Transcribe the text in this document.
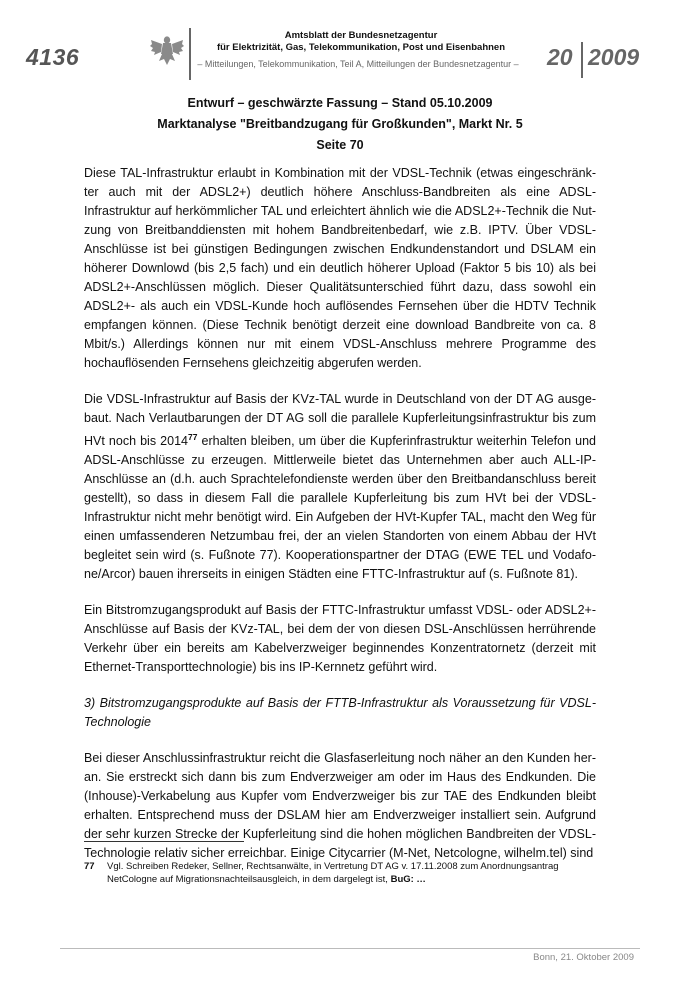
4136
Amtsblatt der Bundesnetzagentur
für Elektrizität, Gas, Telekommunikation, Post und Eisenbahnen
– Mitteilungen, Telekommunikation, Teil A, Mitteilungen der Bundesnetzagentur –	20 2009
Entwurf – geschwärzte Fassung – Stand 05.10.2009
Marktanalyse "Breitbandzugang für Großkunden", Markt Nr. 5
Seite 70

Diese TAL-Infrastruktur erlaubt in Kombination mit der VDSL-Technik (etwas eingeschränkter auch mit der ADSL2+) deutlich höhere Anschluss-Bandbreiten als eine ADSL-Infrastruktur auf herkömmlicher TAL und erleichtert ähnlich wie die ADSL2+-Technik die Nutzung von Breitbanddiensten mit hohem Bandbreitenbedarf, wie z.B. IPTV. Über VDSL-Anschlüsse ist bei günstigen Bedingungen zwischen Endkundenstandort und DSLAM ein höherer Downlowd (bis 2,5 fach) und ein deutlich höherer Upload (Faktor 5 bis 10) als bei ADSL2+-Anschlüssen möglich. Dieser Qualitätsunterschied führt dazu, dass sowohl ein ADSL2+- als auch ein VDSL-Kunde hoch auflösendes Fernsehen über die HDTV Technik empfangen können. (Diese Technik benötigt derzeit eine download Bandbreite von ca. 8 Mbit/s.) Allerdings können nur mit einem VDSL-Anschluss mehrere Programme des hochauflösenden Fernsehens gleichzeitig abgerufen werden.

Die VDSL-Infrastruktur auf Basis der KVz-TAL wurde in Deutschland von der DT AG ausgebaut. Nach Verlautbarungen der DT AG soll die parallele Kupferleitungsinfrastruktur bis zum HVt noch bis 2014$^{77}$ erhalten bleiben, um über die Kupferinfrastruktur weiterhin Telefon und ADSL-Anschlüsse zu erzeugen. Mittlerweile bietet das Unternehmen aber auch ALL-IP-Anschlüsse an (d.h. auch Sprachtelefondienste werden über den Breitbandanschluss bereit gestellt), so dass in diesem Fall die parallele Kupferleitung bis zum HVt bei der VDSL-Infrastruktur nicht mehr benötigt wird. Ein Aufgeben der HVt-Kupfer TAL, macht den Weg für einen umfassenderen Netzumbau frei, der an vielen Standorten von einem Abbau der HVt begleitet sein wird (s. Fußnote 77). Kooperationspartner der DTAG (EWE TEL und Vodafone/Arcor) bauen ihrerseits in einigen Städten eine FTTC-Infrastruktur auf (s. Fußnote 81).

Ein Bitstromzugangsprodukt auf Basis der FTTC-Infrastruktur umfasst VDSL- oder ADSL2+-Anschlüsse auf Basis der KVz-TAL, bei dem der von diesen DSL-Anschlüssen herrührende Verkehr über ein bereits am Kabelverzweiger beginnendes Konzentratornetz (derzeit mit Ethernet-Transporttechnologie) bis ins IP-Kernnetz geführt wird.

3) Bitstromzugangsprodukte auf Basis der FTTB-Infrastruktur als Voraussetzung für VDSL-Technologie

Bei dieser Anschlussinfrastruktur reicht die Glasfaserleitung noch näher an den Kunden heran. Sie erstreckt sich dann bis zum Endverzweiger am oder im Haus des Endkunden. Die (Inhouse)-Verkabelung aus Kupfer vom Endverzweiger bis zur TAE des Endkunden bleibt erhalten. Entsprechend muss der DSLAM hier am Endverzweiger installiert sein. Aufgrund der sehr kurzen Strecke der Kupferleitung sind die hohen möglichen Bandbreiten der VDSL-Technologie relativ sicher erreichbar. Einige Citycarrier (M-Net, Netcologne, wilhelm.tel) sind

77 Vgl. Schreiben Redeker, Sellner, Rechtsanwälte, in Vertretung DT AG v. 17.11.2008 zum Anordnungsantrag NetCologne auf Migrationsnachteilsausgleich, in dem dargelegt ist, BuG: …
Bonn, 21. Oktober 2009
